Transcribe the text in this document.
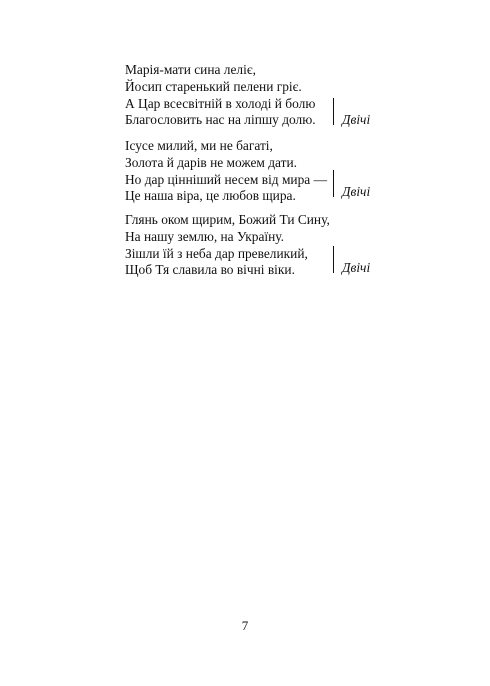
Марія-мати сина леліє,
Йосип старенький пелени гріє.
А Цар всесвітній в холоді й болю
Благословить нас на ліпшу долю.	Двічі
Ісусе милий, ми не багаті,
Золота й дарів не можем дати.
Но дар цінніший несем від мира —
Це наша віра, це любов щира.	Двічі
Глянь оком щирим, Божий Ти Сину,
На нашу землю, на Україну.
Зішли їй з неба дар превеликий,
Щоб Тя славила во вічні віки.	Двічі
7
